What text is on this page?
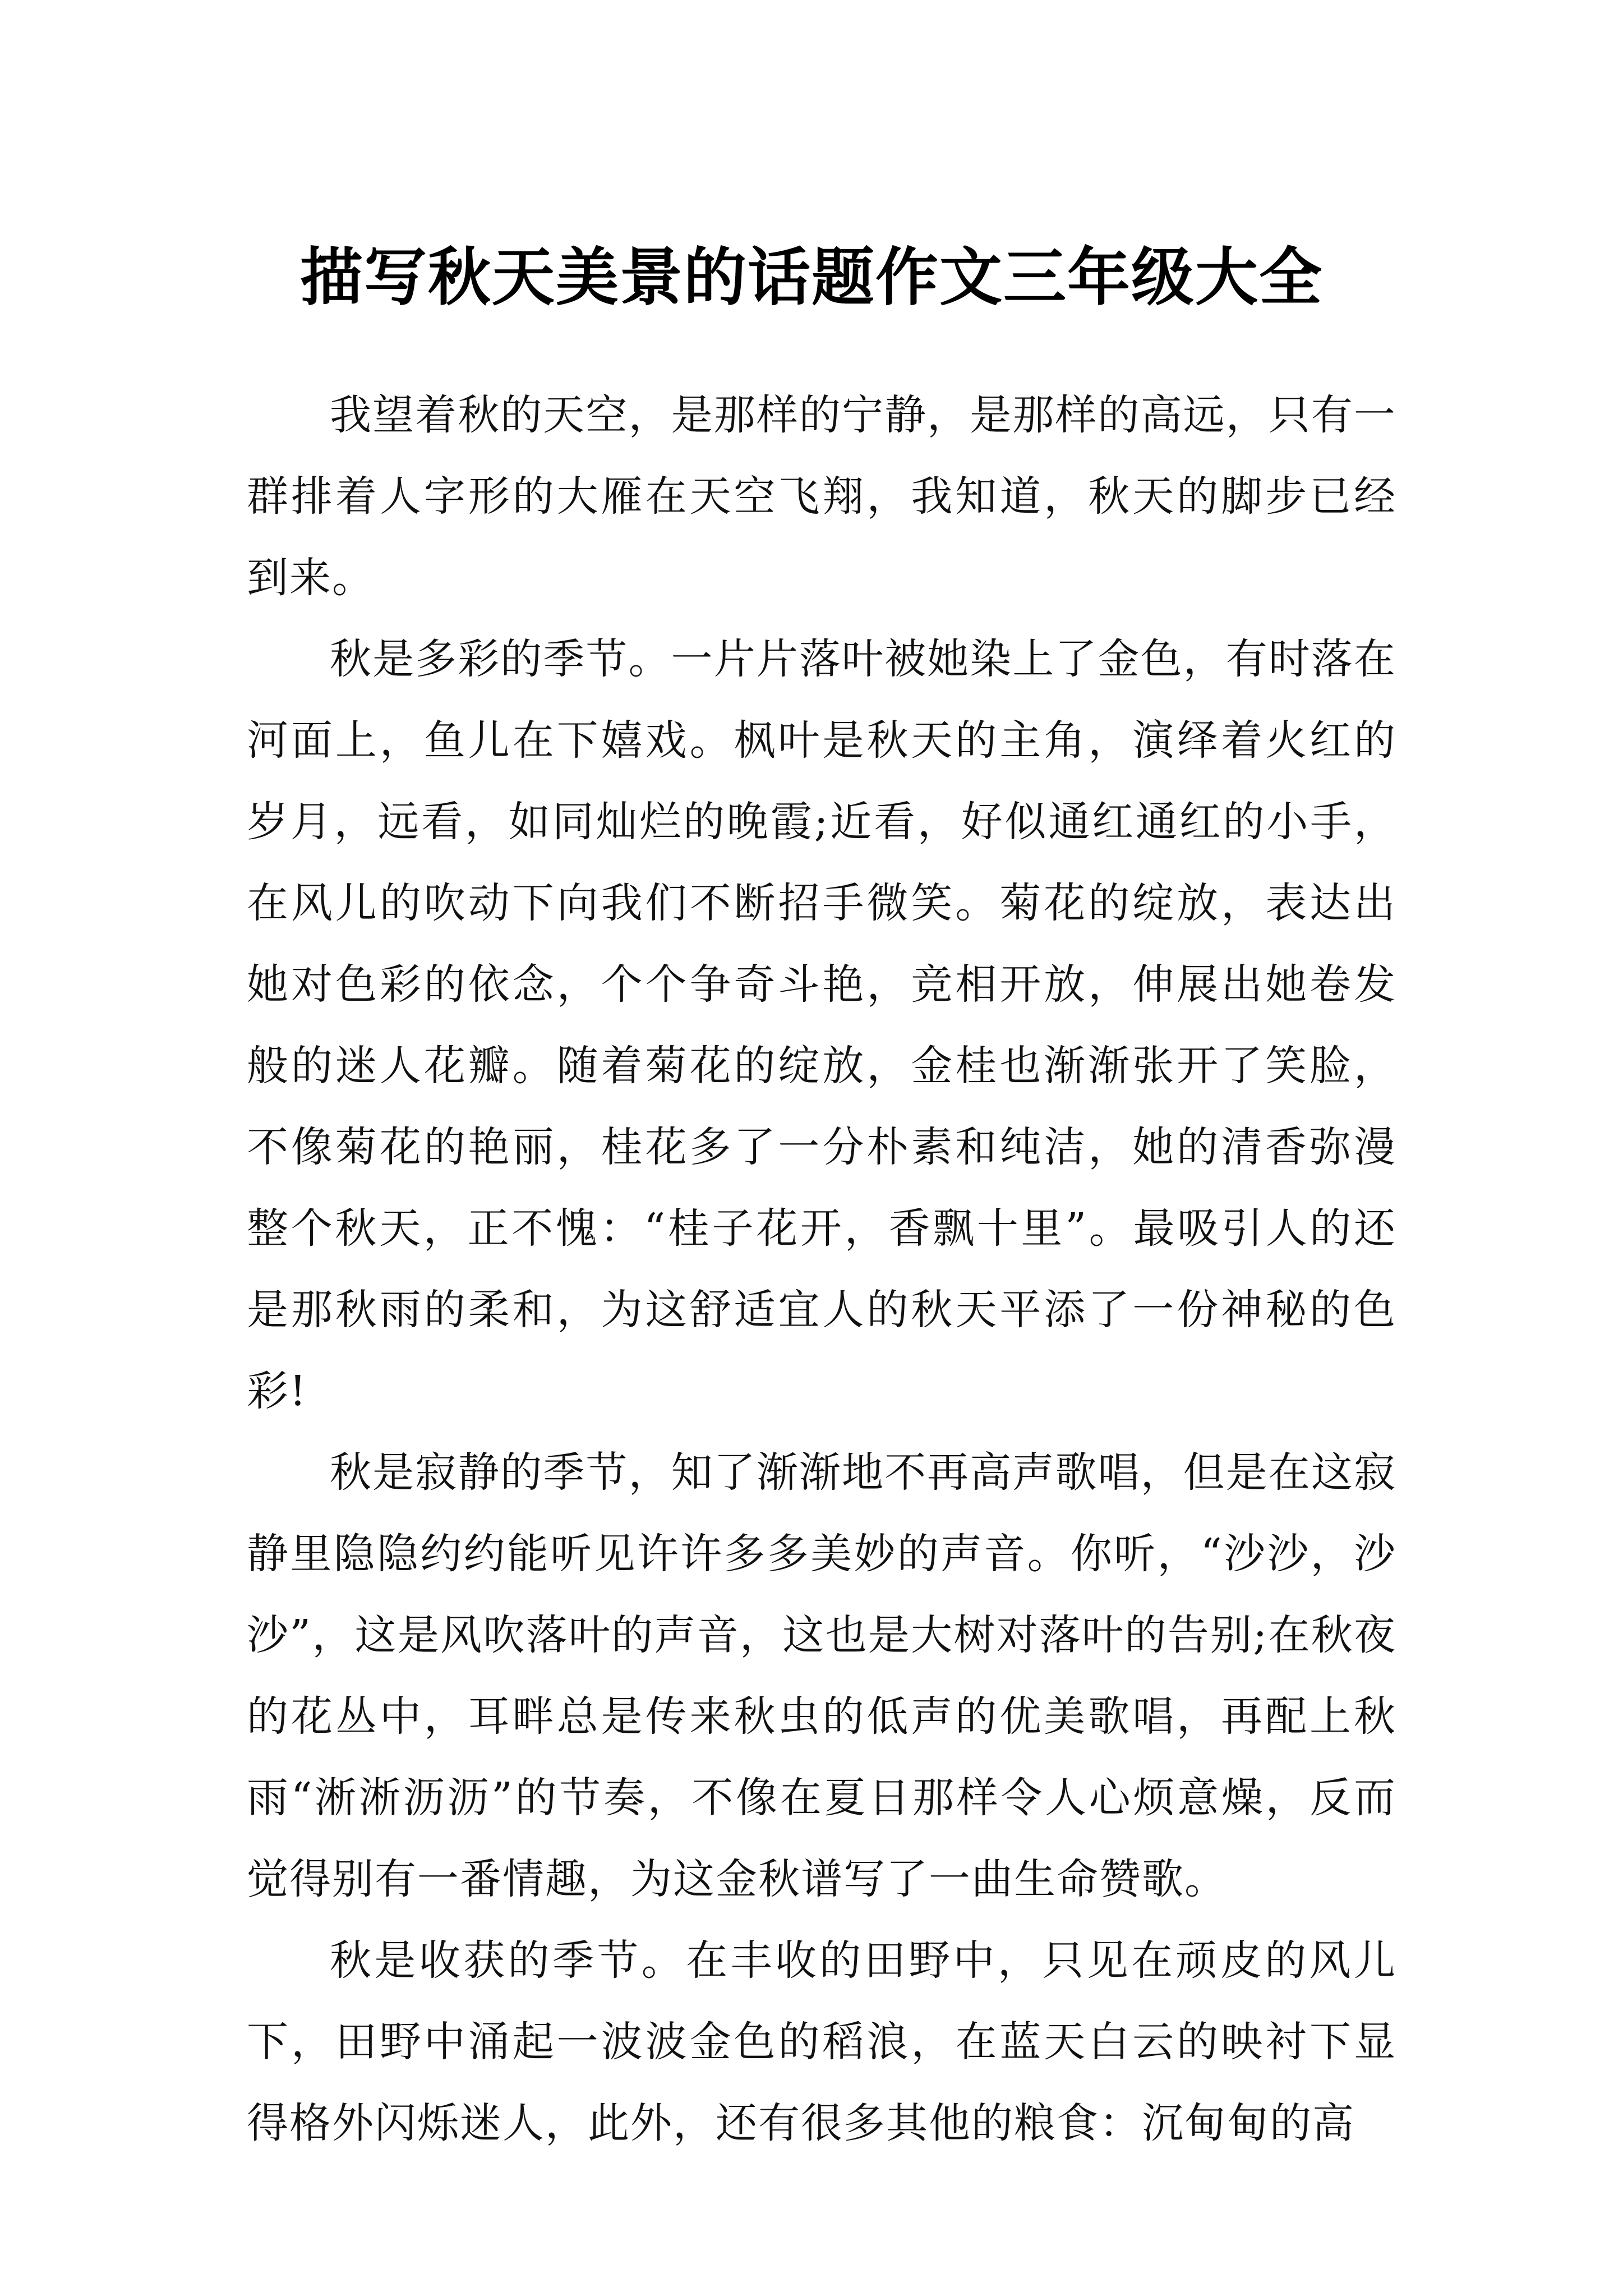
描写秋天美景的话题作文三年级大全

我望着秋的天空，是那样的宁静，是那样的高远，只有一群排着人字形的大雁在天空飞翔，我知道，秋天的脚步已经到来。

秋是多彩的季节。一片片落叶被她染上了金色，有时落在河面上，鱼儿在下嬉戏。枫叶是秋天的主角，演绎着火红的岁月，远看，如同灿烂的晚霞;近看，好似通红通红的小手，在风儿的吹动下向我们不断招手微笑。菊花的绽放，表达出她对色彩的依念，个个争奇斗艳，竞相开放，伸展出她卷发般的迷人花瓣。随着菊花的绽放，金桂也渐渐张开了笑脸，不像菊花的艳丽，桂花多了一分朴素和纯洁，她的清香弥漫整个秋天，正不愧：“桂子花开，香飘十里”。最吸引人的还是那秋雨的柔和，为这舒适宜人的秋天平添了一份神秘的色彩!

秋是寂静的季节，知了渐渐地不再高声歌唱，但是在这寂静里隐隐约约能听见许许多多美妙的声音。你听，“沙沙，沙沙”，这是风吹落叶的声音，这也是大树对落叶的告别;在秋夜的花丛中，耳畔总是传来秋虫的低声的优美歌唱，再配上秋雨“淅淅沥沥”的节奏，不像在夏日那样令人心烦意燥，反而觉得别有一番情趣，为这金秋谱写了一曲生命赞歌。

秋是收获的季节。在丰收的田野中，只见在顽皮的风儿下，田野中涌起一波波金色的稻浪，在蓝天白云的映衬下显得格外闪烁迷人，此外，还有很多其他的粮食：沉甸甸的高
